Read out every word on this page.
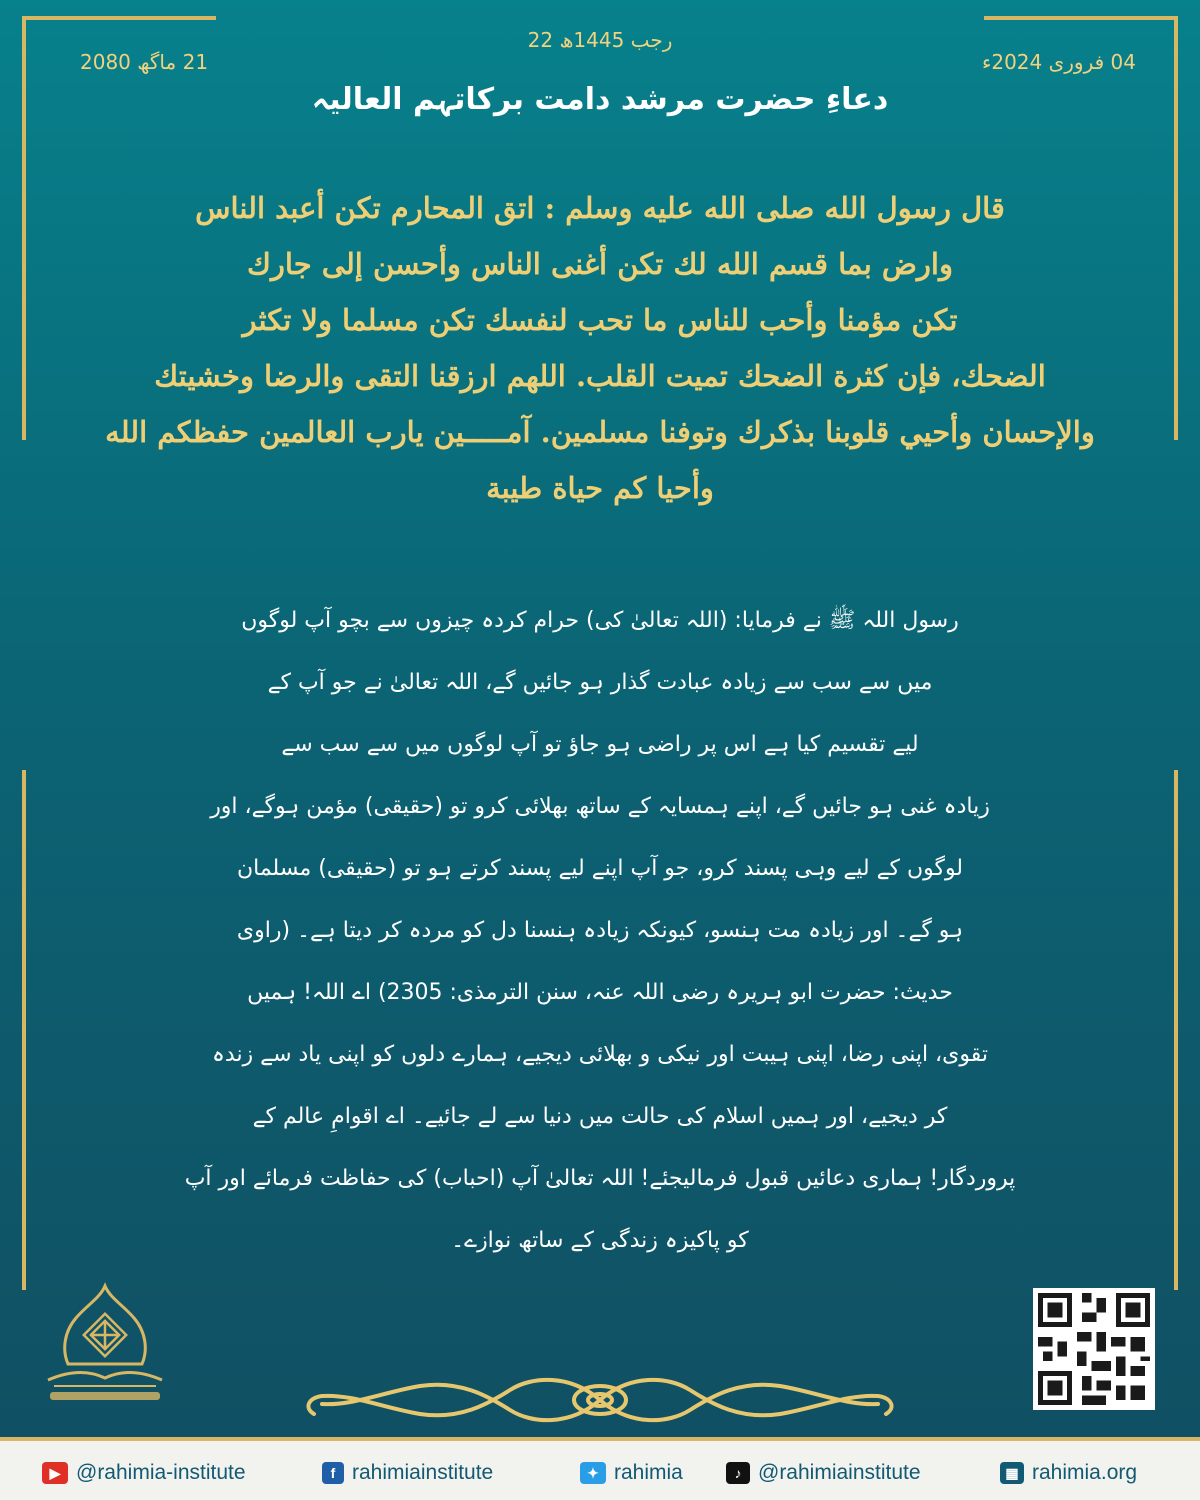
22 رجب 1445ھ
04 فروری 2024ء
21 ماگھ 2080
دعاءِ حضرت مرشد دامت برکاتہم العالیہ
قال رسول الله صلى الله عليه وسلم : اتق المحارم تكن أعبد الناس
وارض بما قسم الله لك تكن أغنى الناس وأحسن إلى جارك
تكن مؤمنا وأحب للناس ما تحب لنفسك تكن مسلما ولا تكثر
الضحك، فإن كثرة الضحك تميت القلب. اللهم ارزقنا التقى والرضا وخشيتك
والإحسان وأحيي قلوبنا بذكرك وتوفنا مسلمين. آمـــــين يارب العالمين حفظكم الله
وأحيا كم حياة طيبة
رسول اللہ ﷺ نے فرمایا: (اللہ تعالیٰ کی) حرام کردہ چیزوں سے بچو آپ لوگوں
میں سے سب سے زیادہ عبادت گذار ہو جائیں گے، اللہ تعالیٰ نے جو آپ کے
لیے تقسیم کیا ہے اس پر راضی ہو جاؤ تو آپ لوگوں میں سے سب سے
زیادہ غنی ہو جائیں گے، اپنے ہمسایہ کے ساتھ بھلائی کرو تو (حقیقی) مؤمن ہوگے، اور
لوگوں کے لیے وہی پسند کرو، جو آپ اپنے لیے پسند کرتے ہو تو (حقیقی) مسلمان
ہو گے۔ اور زیادہ مت ہنسو، کیونکہ زیادہ ہنسنا دل کو مردہ کر دیتا ہے۔ (راوی
حدیث: حضرت ابو ہریرہ رضی اللہ عنہ، سنن الترمذی: 2305) اے اللہ! ہمیں
تقوی، اپنی رضا، اپنی ہیبت اور نیکی و بھلائی دیجیے، ہمارے دلوں کو اپنی یاد سے زندہ
کر دیجیے، اور ہمیں اسلام کی حالت میں دنیا سے لے جائیے۔ اے اقوامِ عالم کے
پروردگار! ہماری دعائیں قبول فرمالیجئے! اللہ تعالیٰ آپ (احباب) کی حفاظت فرمائے اور آپ
کو پاکیزہ زندگی کے ساتھ نوازے۔
▶ @rahimia-institute	f rahimiainstitute	✦ rahimia	♪ @rahimiainstitute	▦ rahimia.org
